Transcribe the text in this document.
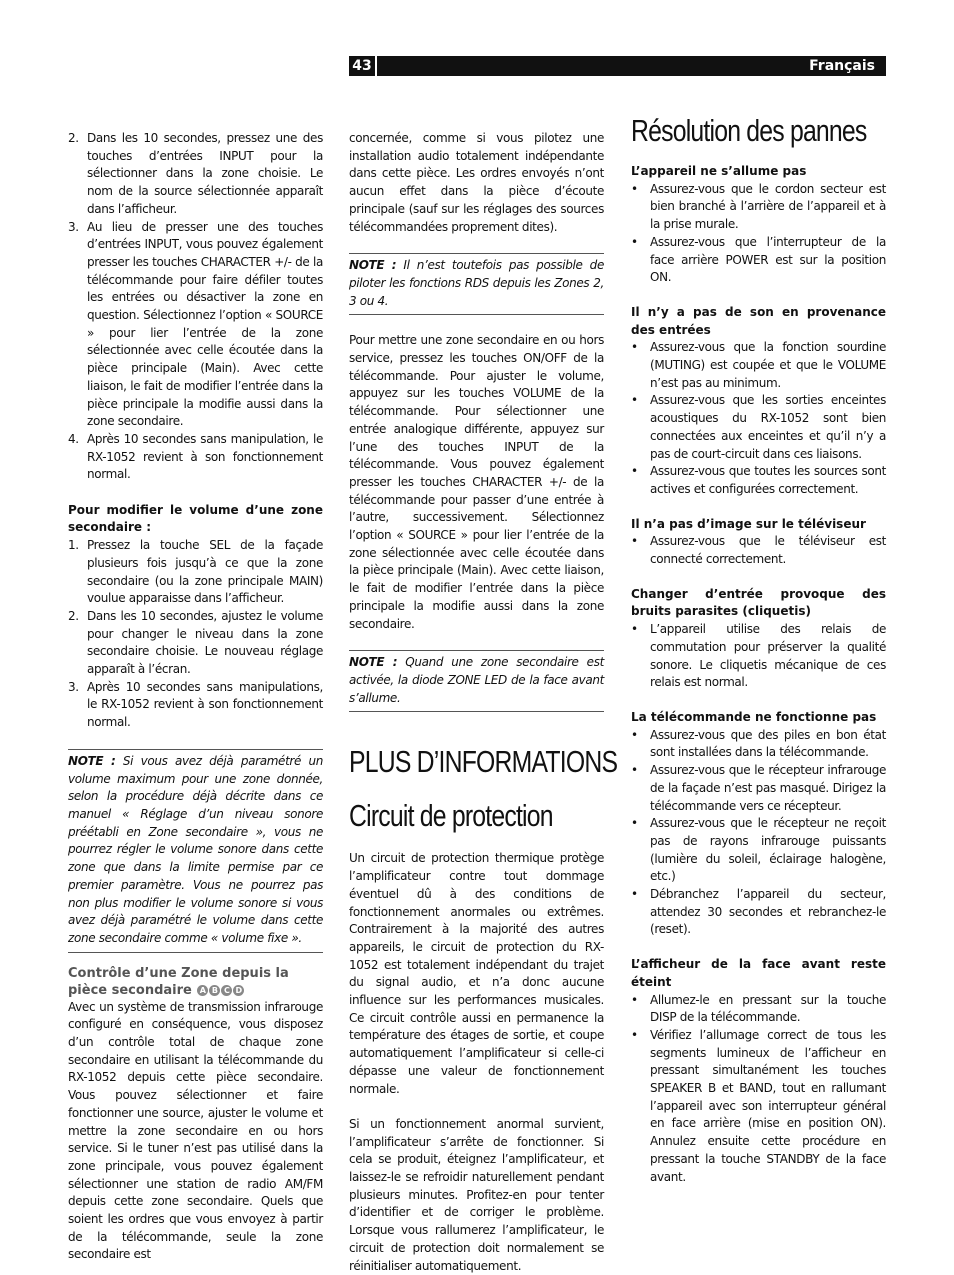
43	Français
2. Dans les 10 secondes, pressez une des touches d’entrées INPUT pour la sélectionner dans la zone choisie. Le nom de la source sélectionnée apparaît dans l’afficheur.
3. Au lieu de presser une des touches d’entrées INPUT, vous pouvez également presser les touches CHARACTER +/- de la télécommande pour faire défiler toutes les entrées ou désactiver la zone en question. Sélectionnez l’option « SOURCE » pour lier l’entrée de la zone sélectionnée avec celle écoutée dans la pièce principale (Main). Avec cette liaison, le fait de modifier l’entrée dans la pièce principale la modifie aussi dans la zone secondaire.
4. Après 10 secondes sans manipulation, le RX-1052 revient à son fonctionnement normal.

Pour modifier le volume d’une zone secondaire :

1. Pressez la touche SEL de la façade plusieurs fois jusqu’à ce que la zone secondaire (ou la zone principale MAIN) voulue apparaisse dans l’afficheur.
2. Dans les 10 secondes, ajustez le volume pour changer le niveau dans la zone secondaire choisie. Le nouveau réglage apparaît à l’écran.
3. Après 10 secondes sans manipulations, le RX-1052 revient à son fonctionnement normal.
NOTE : Si vous avez déjà paramétré un volume maximum pour une zone donnée, selon la procédure déjà décrite dans ce manuel « Réglage d’un niveau sonore préétabli en Zone secondaire », vous ne pourrez régler le volume sonore dans cette zone que dans la limite permise par ce premier paramètre. Vous ne pourrez pas non plus modifier le volume sonore si vous avez déjà paramétré le volume dans cette zone secondaire comme « volume fixe ».
Contrôle d’une Zone depuis la pièce secondaire A B C D

Avec un système de transmission infrarouge configuré en conséquence, vous disposez d’un contrôle total de chaque zone secondaire en utilisant la télécommande du RX-1052 depuis cette pièce secondaire. Vous pouvez sélectionner et faire fonctionner une source, ajuster le volume et mettre la zone secondaire en ou hors service. Si le tuner n’est pas utilisé dans la zone principale, vous pouvez également sélectionner une station de radio AM/FM depuis cette zone secondaire. Quels que soient les ordres que vous envoyez à partir de la télécommande, seule la zone secondaire est

concernée, comme si vous pilotez une installation audio totalement indépendante dans cette pièce. Les ordres envoyés n’ont aucun effet dans la pièce d’écoute principale (sauf sur les réglages des sources télécommandées proprement dites).

NOTE : Il n’est toutefois pas possible de piloter les fonctions RDS depuis les Zones 2, 3 ou 4.

Pour mettre une zone secondaire en ou hors service, pressez les touches ON/OFF de la télécommande. Pour ajuster le volume, appuyez sur les touches VOLUME de la télécommande. Pour sélectionner une entrée analogique différente, appuyez sur l’une des touches INPUT de la télécommande. Vous pouvez également presser les touches CHARACTER +/- de la télécommande pour passer d’une entrée à l’autre, successivement. Sélectionnez l’option « SOURCE » pour lier l’entrée de la zone sélectionnée avec celle écoutée dans la pièce principale (Main). Avec cette liaison, le fait de modifier l’entrée dans la pièce principale la modifie aussi dans la zone secondaire.

NOTE : Quand une zone secondaire est activée, la diode ZONE LED de la face avant s’allume.
PLUS D’INFORMATIONS
Circuit de protection

Un circuit de protection thermique protège l’amplificateur contre tout dommage éventuel dû à des conditions de fonctionnement anormales ou extrêmes. Contrairement à la majorité des autres appareils, le circuit de protection du RX-1052 est totalement indépendant du trajet du signal audio, et n’a donc aucune influence sur les performances musicales. Ce circuit contrôle aussi en permanence la température des étages de sortie, et coupe automatiquement l’amplificateur si celle-ci dépasse une valeur de fonctionnement normale.

Si un fonctionnement anormal survient, l’amplificateur s’arrête de fonctionner. Si cela se produit, éteignez l’amplificateur, et laissez-le se refroidir naturellement pendant plusieurs minutes. Profitez-en pour tenter d’identifier et de corriger le problème. Lorsque vous rallumerez l’amplificateur, le circuit de protection doit normalement se réinitialiser automatiquement.

Résolution des pannes

L’appareil ne s’allume pas

• Assurez-vous que le cordon secteur est bien branché à l’arrière de l’appareil et à la prise murale.
• Assurez-vous que l’interrupteur de la face arrière POWER est sur la position ON.

Il n’y a pas de son en provenance des entrées

• Assurez-vous que la fonction sourdine (MUTING) est coupée et que le VOLUME n’est pas au minimum.
• Assurez-vous que les sorties enceintes acoustiques du RX-1052 sont bien connectées aux enceintes et qu’il n’y a pas de court-circuit dans ces liaisons.
• Assurez-vous que toutes les sources sont actives et configurées correctement.

Il n’a pas d’image sur le téléviseur

• Assurez-vous que le téléviseur est connecté correctement.

Changer d’entrée provoque des bruits parasites (cliquetis)

• L’appareil utilise des relais de commutation pour préserver la qualité sonore. Le cliquetis mécanique de ces relais est normal.

La télécommande ne fonctionne pas

• Assurez-vous que des piles en bon état sont installées dans la télécommande.
• Assurez-vous que le récepteur infrarouge de la façade n’est pas masqué. Dirigez la télécommande vers ce récepteur.
• Assurez-vous que le récepteur ne reçoit pas de rayons infrarouge puissants (lumière du soleil, éclairage halogène, etc.)
• Débranchez l’appareil du secteur, attendez 30 secondes et rebranchez-le (reset).

L’afficheur de la face avant reste éteint

• Allumez-le en pressant sur la touche DISP de la télécommande.
• Vérifiez l’allumage correct de tous les segments lumineux de l’afficheur en pressant simultanément les touches SPEAKER B et BAND, tout en rallumant l’appareil avec son interrupteur général en face arrière (mise en position ON). Annulez ensuite cette procédure en pressant la touche STANDBY de la face avant.
